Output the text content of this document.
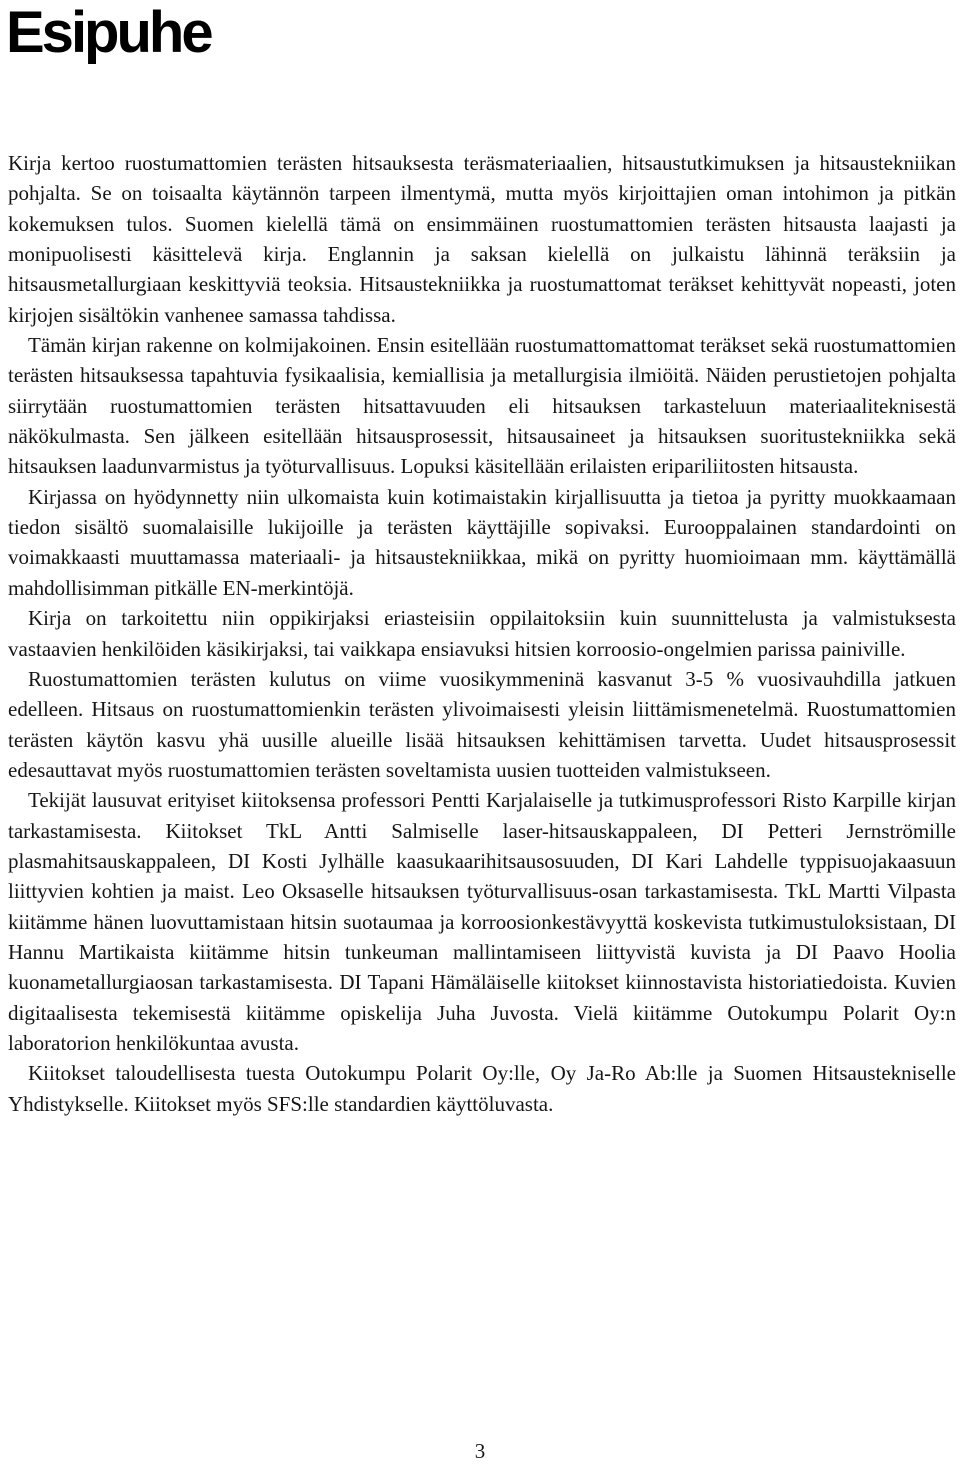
Esipuhe

Kirja kertoo ruostumattomien terästen hitsauksesta teräsmateriaalien, hitsaustutkimuksen ja hitsaustekniikan pohjalta. Se on toisaalta käytännön tarpeen ilmentymä, mutta myös kirjoittajien oman intohimon ja pitkän kokemuksen tulos. Suomen kielellä tämä on ensimmäinen ruostumattomien terästen hitsausta laajasti ja monipuolisesti käsittelevä kirja. Englannin ja saksan kielellä on julkaistu lähinnä teräksiin ja hitsausmetallurgiaan keskittyviä teoksia. Hitsaustekniikka ja ruostumattomat teräkset kehittyvät nopeasti, joten kirjojen sisältökin vanhenee samassa tahdissa.

Tämän kirjan rakenne on kolmijakoinen. Ensin esitellään ruostumattomattomat teräkset sekä ruostumattomien terästen hitsauksessa tapahtuvia fysikaalisia, kemiallisia ja metallurgisia ilmiöitä. Näiden perustietojen pohjalta siirrytään ruostumattomien terästen hitsattavuuden eli hitsauksen tarkasteluun materiaaliteknisestä näkökulmasta. Sen jälkeen esitellään hitsausprosessit, hitsausaineet ja hitsauksen suoritustekniikka sekä hitsauksen laadunvarmistus ja työturvallisuus. Lopuksi käsitellään erilaisten eripariliitosten hitsausta.

Kirjassa on hyödynnetty niin ulkomaista kuin kotimaistakin kirjallisuutta ja tietoa ja pyritty muokkaamaan tiedon sisältö suomalaisille lukijoille ja terästen käyttäjille sopivaksi. Eurooppalainen standardointi on voimakkaasti muuttamassa materiaali- ja hitsaustekniikkaa, mikä on pyritty huomioimaan mm. käyttämällä mahdollisimman pitkälle EN-merkintöjä.

Kirja on tarkoitettu niin oppikirjaksi eriasteisiin oppilaitoksiin kuin suunnittelusta ja valmistuksesta vastaavien henkilöiden käsikirjaksi, tai vaikkapa ensiavuksi hitsien korroosio-ongelmien parissa painiville.

Ruostumattomien terästen kulutus on viime vuosikymmeninä kasvanut 3-5 % vuosivauhdilla jatkuen edelleen. Hitsaus on ruostumattomienkin terästen ylivoimaisesti yleisin liittämismenetelmä. Ruostumattomien terästen käytön kasvu yhä uusille alueille lisää hitsauksen kehittämisen tarvetta. Uudet hitsausprosessit edesauttavat myös ruostumattomien terästen soveltamista uusien tuotteiden valmistukseen.

Tekijät lausuvat erityiset kiitoksensa professori Pentti Karjalaiselle ja tutkimusprofessori Risto Karpille kirjan tarkastamisesta. Kiitokset TkL Antti Salmiselle laser-hitsauskappaleen, DI Petteri Jernströmille plasmahitsauskappaleen, DI Kosti Jylhälle kaasukaarihitsausosuuden, DI Kari Lahdelle typpisuojakaasuun liittyvien kohtien ja maist. Leo Oksaselle hitsauksen työturvallisuus-osan tarkastamisesta. TkL Martti Vilpasta kiitämme hänen luovuttamistaan hitsin suotaumaa ja korroosionkestävyyttä koskevista tutkimustuloksistaan, DI Hannu Martikaista kiitämme hitsin tunkeuman mallintamiseen liittyvistä kuvista ja DI Paavo Hoolia kuonametallurgiaosan tarkastamisesta. DI Tapani Hämäläiselle kiitokset kiinnostavista historiatiedoista. Kuvien digitaalisesta tekemisestä kiitämme opiskelija Juha Juvosta. Vielä kiitämme Outokumpu Polarit Oy:n laboratorion henkilökuntaa avusta.

Kiitokset taloudellisesta tuesta Outokumpu Polarit Oy:lle, Oy Ja-Ro Ab:lle ja Suomen Hitsaustekniselle Yhdistykselle. Kiitokset myös SFS:lle standardien käyttöluvasta.

3
